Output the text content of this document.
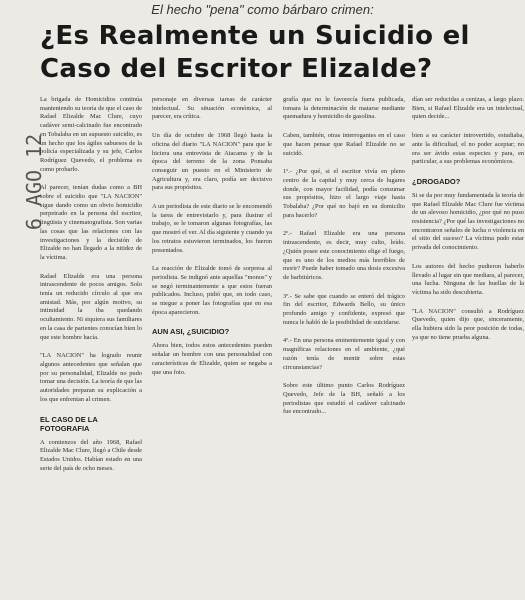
El hecho "pena" como bárbaro crimen:
¿Es Realmente un Suicidio el Caso del Escritor Elizalde?
6 AGO 12

La brigada de Homicidios continúa manteniendo su teoría de que el caso de Rafael Elizalde Mac Clure, cuyo cadáver semi-calcinado fue encontrado en Tobalaba en un supuesto suicidio, es un hecho que los ágiles sabuesos de la policía especializada y su jefe, Carlos Rodríguez Quevedo, el problema es como probarlo.

Al parecer, tenían dudas como a BH sobre el suicidio que "LA NACION" sigue dando como un obvio homicidio perpetrado en la persona del escritor, lingüista y cinematografista. Son varias las cosas que las relaciones con las investigaciones y la decisión de Elizalde no han llegado a la nitidez de la víctima.

Rafael Elizalde era una persona intrascendente de pocos amigos. Solo tenía un reducido círculo al que era amistad. Más, por algún motivo, su intimidad la iba quedando ocultamiento. Ni siquiera sus familiares en la casa de parientes conocían bien lo que este hombre hacía.

"LA NACION" ha logrado reunir algunos antecedentes que señalan que por su personalidad, Elizalde no pudo tomar una decisión. La teoría de que las autoridades preparan su explicación a los que enfrentan al crimen.

EL CASO DE LA FOTOGRAFIA

A comienzos del año 1968, Rafael Elizalde Mac Clure, llegó a Chile desde Estados Unidos. Habían estado en una serie del país de ocho meses.

personaje en diversas tareas de carácter intelectual. Su situación económica, al parecer, era crítica.

Un día de octubre de 1968 llegó hasta la oficina del diario "LA NACION" para que le hiciera una entrevista de Atacama y de la época del terreno de la zona Ponsaba conseguir un puesto en el Ministerio de Agricultura y, era claro, podía ser decisivo para sus propósitos.

A un periodista de este diario se le encomendó la tarea de entrevistarlo y, para ilustrar el trabajo, se le tomaron algunas fotografías, las que mostró el ver. Al día siguiente y cuando ya los retratos estuvieron terminados, los fueron presentados.

La reacción de Elizalde tomó de sorpresa al periodista. Se indignó ante aquellas "monos" y se negó terminantemente a que estos fueran publicados. Incluso, pidió que, en todo caso, se niegue a poner las fotografías que en esa época aparecieron.

AUN ASI, ¿SUICIDIO?

Ahora bien, todos estos antecedentes pueden señalar un hombre con una personalidad con características de Elizalde, quien se negaba a que una foto.

grafía que no le favorecía fuera publicada, tomara la determinación de matarse mediante quemadura y homicidio de gasolina.

Caben, también, otras interrogantes en el caso que hacen pensar que Rafael Elizalde no se suicidó.

1º.- ¿Por qué, si el escritor vivía en pleno centro de la capital y muy cerca de lugares donde, con mayor facilidad, podía consumar sus propósitos, hizo el largo viaje hasta Tobalaba? ¿Por qué no bajó en su domicilio para hacerlo?

2º.- Rafael Elizalde era una persona intrascendente, es decir, muy culto, leído. ¿Quién posee este conocimiento elige el fuego, que es uno de los medios más horribles de morir? Puede haber tomado una dosis excesiva de barbitúricos.

3º.- Se sabe que cuando se enteró del trágico fin del escritor, Edwards Bello, su único profundo amigo y confidente, expresó que nunca le habló de la posibilidad de suicidarse.

4º.- En una persona eminentemente igual y con magníficas relaciones en el ambiente, ¿qué razón tenía de mentir sobre estas circunstancias?

Sobre este último punto Carlos Rodríguez Quevedo, Jefe de la BH, señaló a los periodistas que estudió el cadáver calcinado fue encontrado...

dían ser reducidas a cenizas, a largo plazo. Bien, si Rafael Elizalde era un intelectual, quien decide...

bien a su carácter introvertido, estudiaba, ante la dificultad, el no poder aceptar; no era ser ávido estas especies y para, en particular, a sus problemas económicos.

¿DROGADO?

Si se da por muy fundamentada la teoría de que Rafael Elizalde Mac Clure fue víctima de un alevoso homicidio, ¿por qué no puso resistencia? ¿Por qué las investigaciones no encontraron señales de lucha o violencia en el sitio del suceso? La víctima pudo estar privada del conocimiento.

Los autores del hecho pudieron haberlo llevado al lugar sin que mediara, al parecer, una lucha. Ninguna de las huellas de la víctima ha sido descubierta.

"LA NACION" consultó a Rodríguez Quevedo, quien dijo que, sinceramente, ella hubiera sido la peor posición de todas, ya que no tiene prueba alguna.
